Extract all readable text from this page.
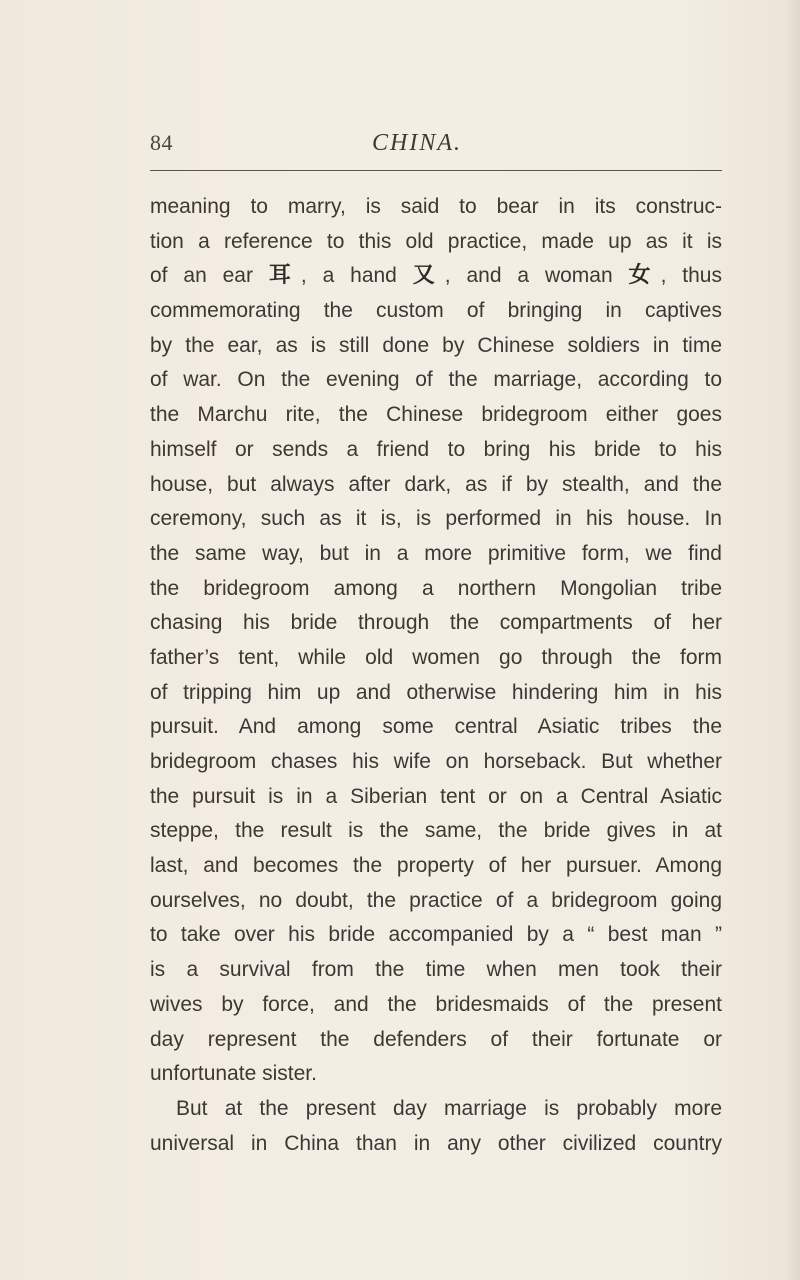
84	CHINA.
meaning to marry, is said to bear in its construc-
tion a reference to this old practice, made up as it is
of an ear 耳, a hand 又, and a woman 女, thus
commemorating the custom of bringing in captives
by the ear, as is still done by Chinese soldiers in time
of war. On the evening of the marriage, according to
the Marchu rite, the Chinese bridegroom either goes
himself or sends a friend to bring his bride to his
house, but always after dark, as if by stealth, and the
ceremony, such as it is, is performed in his house. In
the same way, but in a more primitive form, we find
the bridegroom among a northern Mongolian tribe
chasing his bride through the compartments of her
father’s tent, while old women go through the form
of tripping him up and otherwise hindering him in his
pursuit. And among some central Asiatic tribes the
bridegroom chases his wife on horseback. But whether
the pursuit is in a Siberian tent or on a Central Asiatic
steppe, the result is the same, the bride gives in at
last, and becomes the property of her pursuer. Among
ourselves, no doubt, the practice of a bridegroom going
to take over his bride accompanied by a “ best man ”
is a survival from the time when men took their
wives by force, and the bridesmaids of the present
day represent the defenders of their fortunate or
unfortunate sister.
But at the present day marriage is probably more
universal in China than in any other civilized country
